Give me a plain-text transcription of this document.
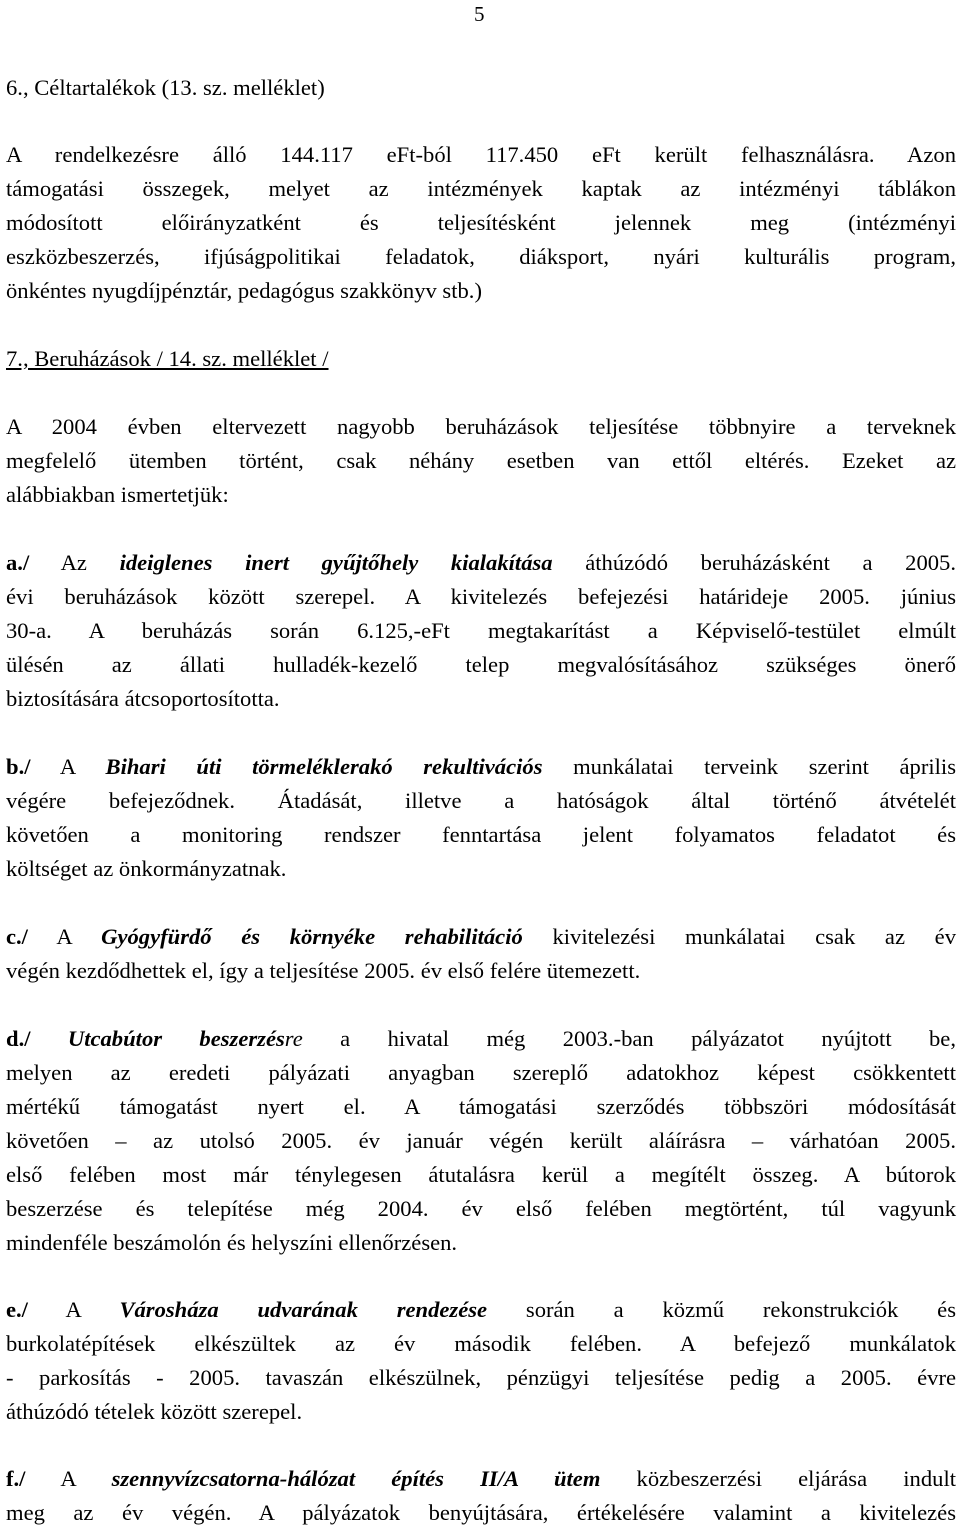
5
6., Céltartalékok (13. sz. melléklet)
A rendelkezésre álló 144.117 eFt-ból 117.450 eFt került felhasználásra. Azon
támogatási összegek, melyet az intézmények kaptak az intézményi táblákon
módosított előirányzatként és teljesítésként jelennek meg (intézményi
eszközbeszerzés, ifjúságpolitikai feladatok, diáksport, nyári kulturális program,
önkéntes nyugdíjpénztár, pedagógus szakkönyv stb.)
7., Beruházások / 14. sz. melléklet /
A 2004 évben eltervezett nagyobb beruházások teljesítése többnyire a terveknek
megfelelő ütemben történt, csak néhány esetben van ettől eltérés. Ezeket az
alábbiakban ismertetjük:
a./ Az ideiglenes inert gyűjtőhely kialakítása áthúzódó beruházásként a 2005.
évi beruházások között szerepel. A kivitelezés befejezési határideje 2005. június
30-a. A beruházás során 6.125,-eFt megtakarítást a Képviselő-testület elmúlt
ülésén az állati hulladék-kezelő telep megvalósításához szükséges önerő
biztosítására átcsoportosította.
b./ A Bihari úti törmeléklerakó rekultivációs munkálatai terveink szerint április
végére befejeződnek. Átadását, illetve a hatóságok által történő átvételét
követően a monitoring rendszer fenntartása jelent folyamatos feladatot és
költséget az önkormányzatnak.
c./ A Gyógyfürdő és környéke rehabilitáció kivitelezési munkálatai csak az év
végén kezdődhettek el, így a teljesítése 2005. év első felére ütemezett.
d./ Utcabútor beszerzésre a hivatal még 2003.-ban pályázatot nyújtott be,
melyen az eredeti pályázati anyagban szereplő adatokhoz képest csökkentett
mértékű támogatást nyert el. A támogatási szerződés többszöri módosítását
követően – az utolsó 2005. év január végén került aláírásra – várhatóan 2005.
első felében most már ténylegesen átutalásra kerül a megítélt összeg. A bútorok
beszerzése és telepítése még 2004. év első felében megtörtént, túl vagyunk
mindenféle beszámolón és helyszíni ellenőrzésen.
e./ A Városháza udvarának rendezése során a közmű rekonstrukciók és
burkolatépítések elkészültek az év második felében. A befejező munkálatok
- parkosítás - 2005. tavaszán elkészülnek, pénzügyi teljesítése pedig a 2005. évre
áthúzódó tételek között szerepel.
f./ A szennyvízcsatorna-hálózat építés II/A ütem közbeszerzési eljárása indult
meg az év végén. A pályázatok benyújtására, értékelésére valamint a kivitelezés
